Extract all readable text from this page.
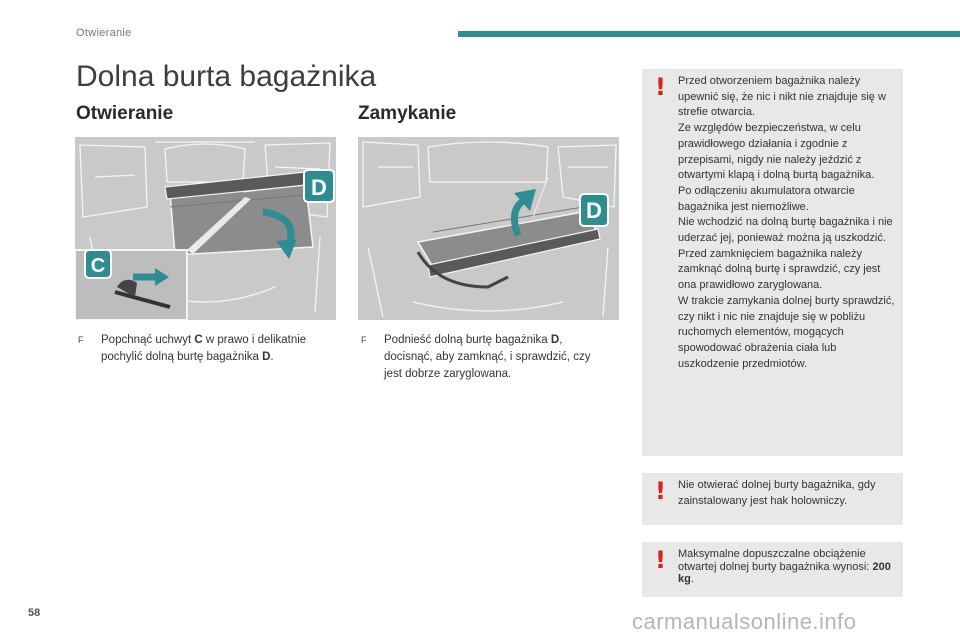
Otwieranie
Dolna burta bagażnika
Otwieranie	Zamykanie
D
C
D
F	Popchnąć uchwyt C w prawo i delikatnie pochylić dolną burtę bagażnika D.
F	Podnieść dolną burtę bagażnika D, docisnąć, aby zamknąć, i sprawdzić, czy jest dobrze zaryglowana.
! Przed otworzeniem bagażnika należy upewnić się, że nic i nikt nie znajduje się w strefie otwarcia.
Ze względów bezpieczeństwa, w celu prawidłowego działania i zgodnie z przepisami, nigdy nie należy jeździć z otwartymi klapą i dolną burtą bagażnika.
Po odłączeniu akumulatora otwarcie bagażnika jest niemożliwe.
Nie wchodzić na dolną burtę bagażnika i nie uderzać jej, ponieważ można ją uszkodzić.
Przed zamknięciem bagażnika należy zamknąć dolną burtę i sprawdzić, czy jest ona prawidłowo zaryglowana.
W trakcie zamykania dolnej burty sprawdzić, czy nikt i nic nie znajduje się w pobliżu ruchomych elementów, mogących spowodować obrażenia ciała lub uszkodzenie przedmiotów.
! Nie otwierać dolnej burty bagażnika, gdy zainstalowany jest hak holowniczy.
! Maksymalne dopuszczalne obciążenie otwartej dolnej burty bagażnika wynosi: 200 kg.
58	carmanualsonline.info
